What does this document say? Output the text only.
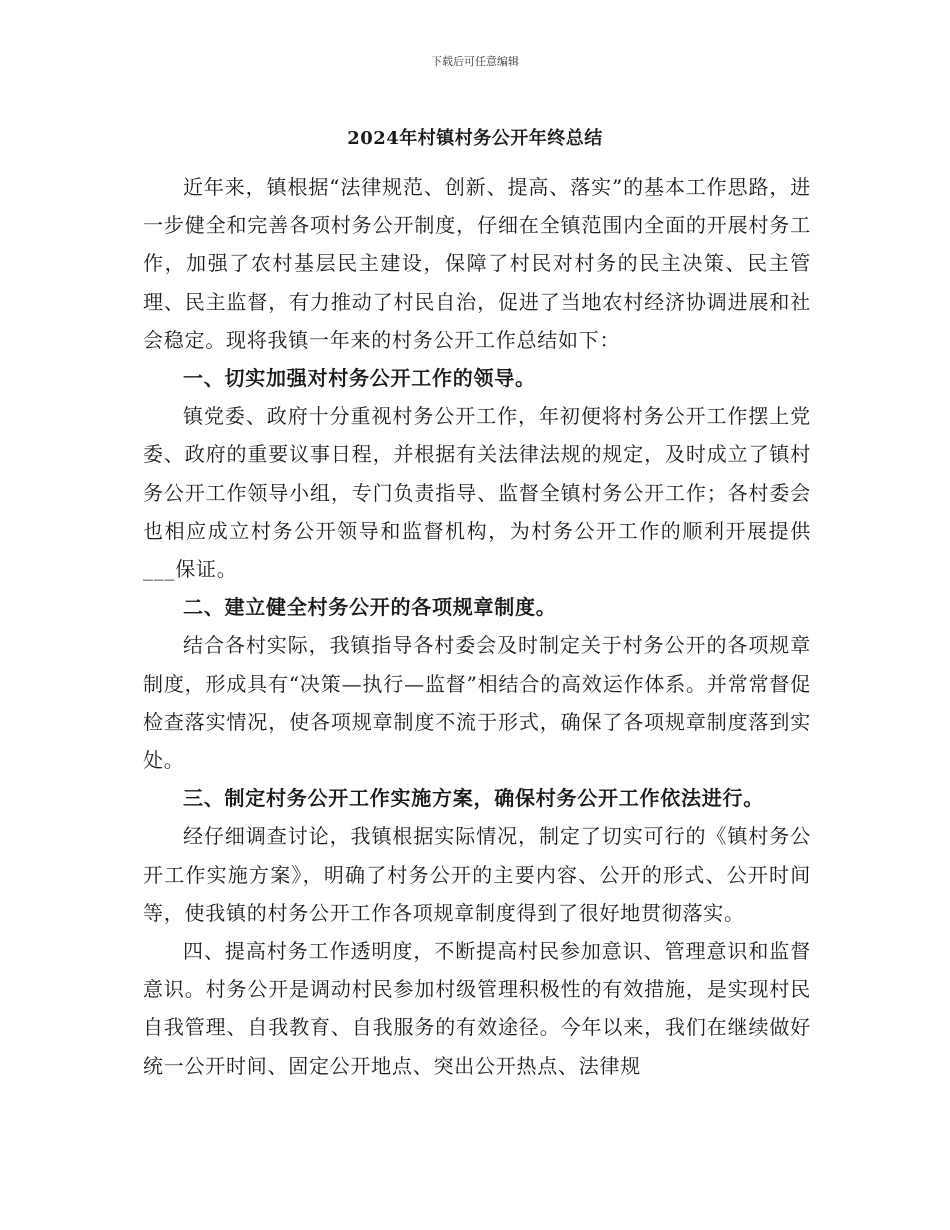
下载后可任意编辑
2024年村镇村务公开年终总结

近年来，镇根据“法律规范、创新、提高、落实”的基本工作思路，进一步健全和完善各项村务公开制度，仔细在全镇范围内全面的开展村务工作，加强了农村基层民主建设，保障了村民对村务的民主决策、民主管理、民主监督，有力推动了村民自治，促进了当地农村经济协调进展和社会稳定。现将我镇一年来的村务公开工作总结如下：

一、切实加强对村务公开工作的领导。

镇党委、政府十分重视村务公开工作，年初便将村务公开工作摆上党委、政府的重要议事日程，并根据有关法律法规的规定，及时成立了镇村务公开工作领导小组，专门负责指导、监督全镇村务公开工作；各村委会也相应成立村务公开领导和监督机构，为村务公开工作的顺利开展提供___保证。

二、建立健全村务公开的各项规章制度。

结合各村实际，我镇指导各村委会及时制定关于村务公开的各项规章制度，形成具有“决策—执行—监督”相结合的高效运作体系。并常常督促检查落实情况，使各项规章制度不流于形式，确保了各项规章制度落到实处。

三、制定村务公开工作实施方案，确保村务公开工作依法进行。

经仔细调查讨论，我镇根据实际情况，制定了切实可行的《镇村务公开工作实施方案》，明确了村务公开的主要内容、公开的形式、公开时间等，使我镇的村务公开工作各项规章制度得到了很好地贯彻落实。

四、提高村务工作透明度，不断提高村民参加意识、管理意识和监督意识。村务公开是调动村民参加村级管理积极性的有效措施，是实现村民自我管理、自我教育、自我服务的有效途径。今年以来，我们在继续做好统一公开时间、固定公开地点、突出公开热点、法律规
